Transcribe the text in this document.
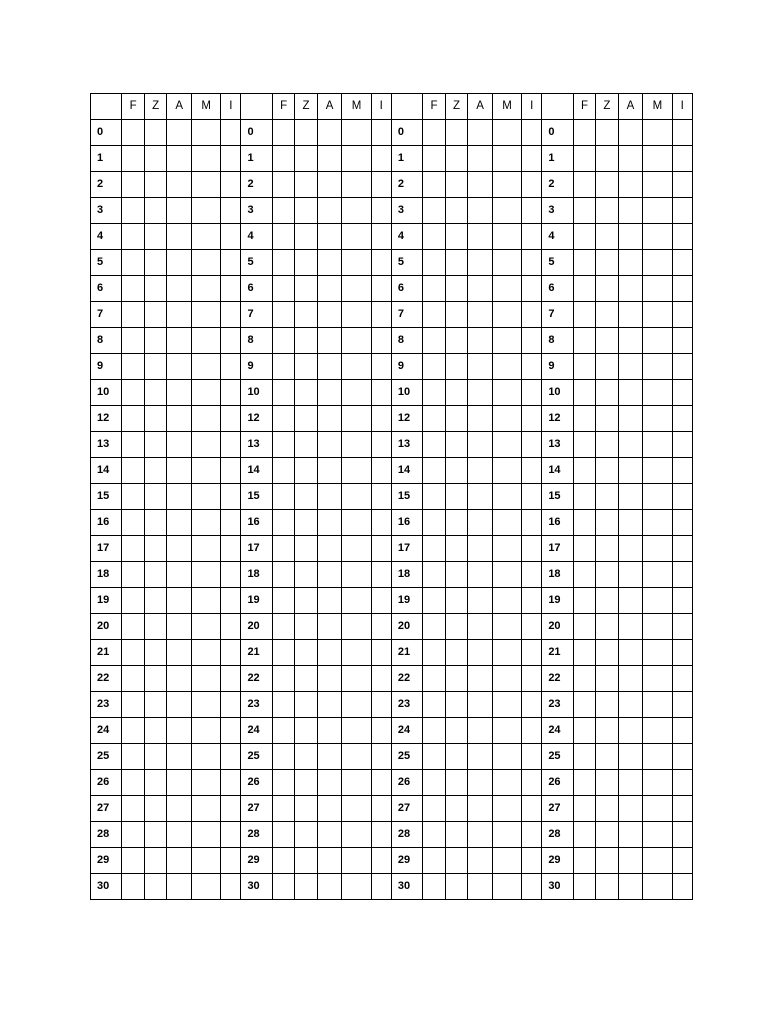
	F	Z	A	M	I		F	Z	A	M	I		F	Z	A	M	I		F	Z	A	M	I
0						0						0						0					
1						1						1						1					
2						2						2						2					
3						3						3						3					
4						4						4						4					
5						5						5						5					
6						6						6						6					
7						7						7						7					
8						8						8						8					
9						9						9						9					
10						10						10						10					
12						12						12						12					
13						13						13						13					
14						14						14						14					
15						15						15						15					
16						16						16						16					
17						17						17						17					
18						18						18						18					
19						19						19						19					
20						20						20						20					
21						21						21						21					
22						22						22						22					
23						23						23						23					
24						24						24						24					
25						25						25						25					
26						26						26						26					
27						27						27						27					
28						28						28						28					
29						29						29						29					
30						30						30						30					
